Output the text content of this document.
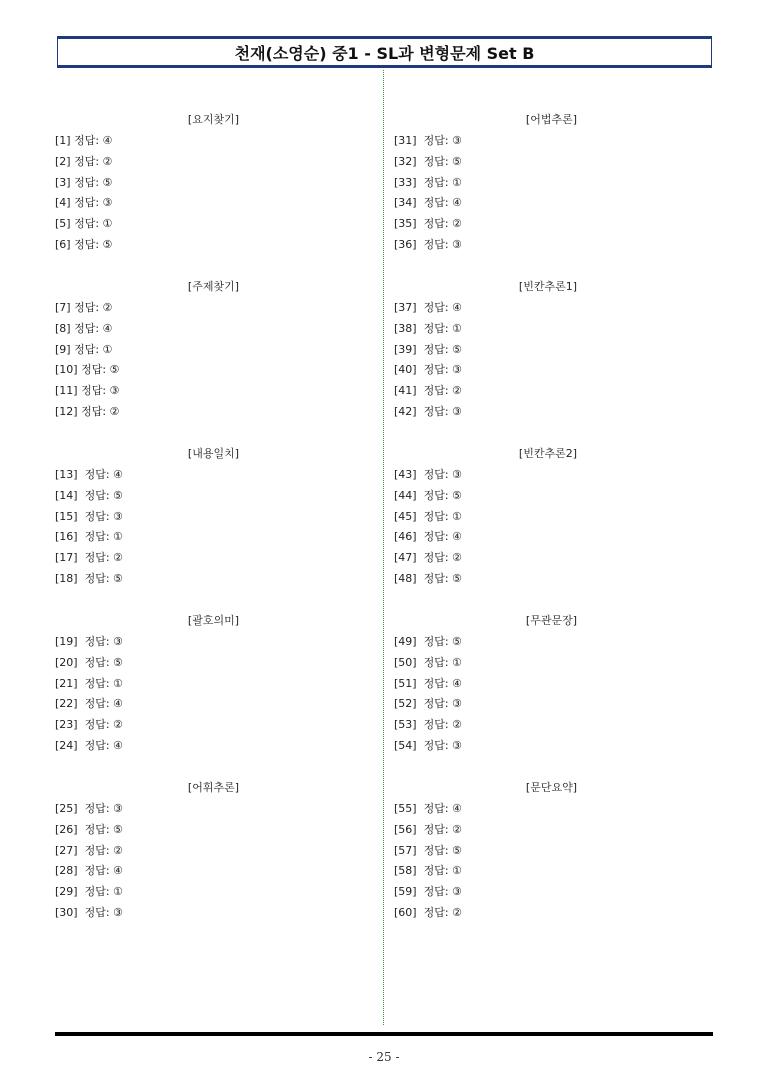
천재(소영순) 중1 - SL과 변형문제 Set B
[요지찾기]
[1] 정답: ④
[2] 정답: ②
[3] 정답: ⑤
[4] 정답: ③
[5] 정답: ①
[6] 정답: ⑤
[주제찾기]
[7] 정답: ②
[8] 정답: ④
[9] 정답: ①
[10] 정답: ⑤
[11] 정답: ③
[12] 정답: ②
[내용일치]
[13]  정답: ④
[14]  정답: ⑤
[15]  정답: ③
[16]  정답: ①
[17]  정답: ②
[18]  정답: ⑤
[괄호의미]
[19]  정답: ③
[20]  정답: ⑤
[21]  정답: ①
[22]  정답: ④
[23]  정답: ②
[24]  정답: ④
[어휘추론]
[25]  정답: ③
[26]  정답: ⑤
[27]  정답: ②
[28]  정답: ④
[29]  정답: ①
[30]  정답: ③
[어법추론]
[31]  정답: ③
[32]  정답: ⑤
[33]  정답: ①
[34]  정답: ④
[35]  정답: ②
[36]  정답: ③
[빈칸추론1]
[37]  정답: ④
[38]  정답: ①
[39]  정답: ⑤
[40]  정답: ③
[41]  정답: ②
[42]  정답: ③
[빈칸추론2]
[43]  정답: ③
[44]  정답: ⑤
[45]  정답: ①
[46]  정답: ④
[47]  정답: ②
[48]  정답: ⑤
[무관문장]
[49]  정답: ⑤
[50]  정답: ①
[51]  정답: ④
[52]  정답: ③
[53]  정답: ②
[54]  정답: ③
[문단요약]
[55]  정답: ④
[56]  정답: ②
[57]  정답: ⑤
[58]  정답: ①
[59]  정답: ③
[60]  정답: ②
- 25 -
